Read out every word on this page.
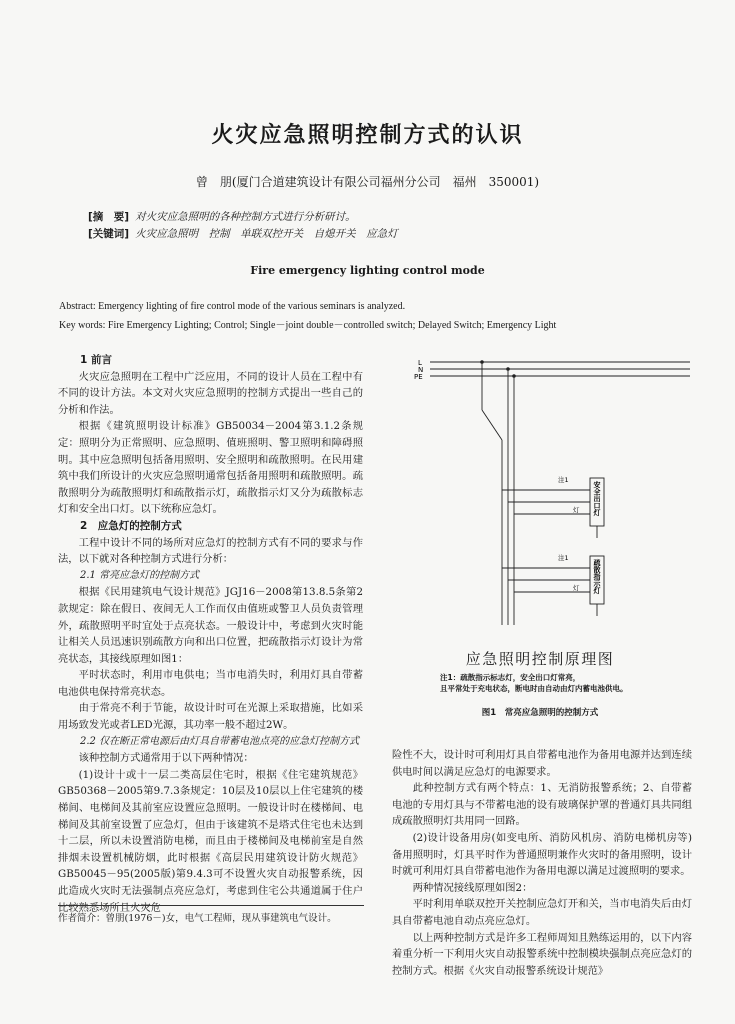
火灾应急照明控制方式的认识

曾　朋(厦门合道建筑设计有限公司福州分公司　福州　350001)

[摘　要] 对火灾应急照明的各种控制方式进行分析研讨。
[关键词] 火灾应急照明　控制　单联双控开关　自熄开关　应急灯

Fire emergency lighting control mode

Abstract: Emergency lighting of fire control mode of the various seminars is analyzed.
Key words: Fire Emergency Lighting; Control; Single－joint double－controlled switch; Delayed Switch; Emergency Light
1 前言

火灾应急照明在工程中广泛应用，不同的设计人员在工程中有不同的设计方法。本文对火灾应急照明的控制方式提出一些自己的分析和作法。

根据《建筑照明设计标准》GB50034－2004第3.1.2条规定：照明分为正常照明、应急照明、值班照明、警卫照明和障碍照明。其中应急照明包括备用照明、安全照明和疏散照明。在民用建筑中我们所设计的火灾应急照明通常包括备用照明和疏散照明。疏散照明分为疏散照明灯和疏散指示灯，疏散指示灯又分为疏散标志灯和安全出口灯。以下统称应急灯。

2　应急灯的控制方式

工程中设计不同的场所对应急灯的控制方式有不同的要求与作法，以下就对各种控制方式进行分析：

2.1 常亮应急灯的控制方式

根据《民用建筑电气设计规范》JGJ16－2008第13.8.5条第2款规定：除在假日、夜间无人工作而仅由值班或警卫人员负责管理外，疏散照明平时宜处于点亮状态。一般设计中，考虑到火灾时能让相关人员迅速识别疏散方向和出口位置，把疏散指示灯设计为常亮状态，其接线原理如图1：

平时状态时，利用市电供电；当市电消失时，利用灯具自带蓄电池供电保持常亮状态。

由于常亮不利于节能，故设计时可在光源上采取措施，比如采用场致发光或者LED光源，其功率一般不超过2W。

2.2 仅在断正常电源后由灯具自带蓄电池点亮的应急灯控制方式

该种控制方式通常用于以下两种情况：

(1)设计十或十一层二类高层住宅时，根据《住宅建筑规范》GB50368－2005第9.7.3条规定：10层及10层以上住宅建筑的楼梯间、电梯间及其前室应设置应急照明。一般设计时在楼梯间、电梯间及其前室设置了应急灯，但由于该建筑不是塔式住宅也未达到十二层，所以未设置消防电梯，而且由于楼梯间及电梯前室是自然排烟未设置机械防烟，此时根据《高层民用建筑设计防火规范》GB50045－95(2005版)第9.4.3可不设置火灾自动报警系统，因此造成火灾时无法强制点亮应急灯，考虑到住宅公共通道属于住户比较熟悉场所且火灾危

L
N
PE
注1
注1
安全出口灯
疏散指示灯
灯
灯

应急照明控制原理图

注1：疏散指示标志灯，安全出口灯常亮，
且平常处于充电状态，断电时由自动由灯内蓄电池供电。

图1　常亮应急照明的控制方式

险性不大，设计时可利用灯具自带蓄电池作为备用电源并达到连续供电时间以满足应急灯的电源要求。

此种控制方式有两个特点：1、无消防报警系统；2、自带蓄电池的专用灯具与不带蓄电池的设有玻璃保护罩的普通灯具共同组成疏散照明灯共用同一回路。

(2)设计设备用房(如变电所、消防风机房、消防电梯机房等)备用照明时，灯具平时作为普通照明兼作火灾时的备用照明，设计时就可利用灯具自带蓄电池作为备用电源以满足过渡照明的要求。

两种情况接线原理如图2：

平时利用单联双控开关控制应急灯开和关，当市电消失后由灯具自带蓄电池自动点亮应急灯。

以上两种控制方式是许多工程师周知且熟练运用的，以下内容着重分析一下利用火灾自动报警系统中控制模块强制点亮应急灯的控制方式。根据《火灾自动报警系统设计规范》

作者简介：曾朋(1976－)女，电气工程师，现从事建筑电气设计。
